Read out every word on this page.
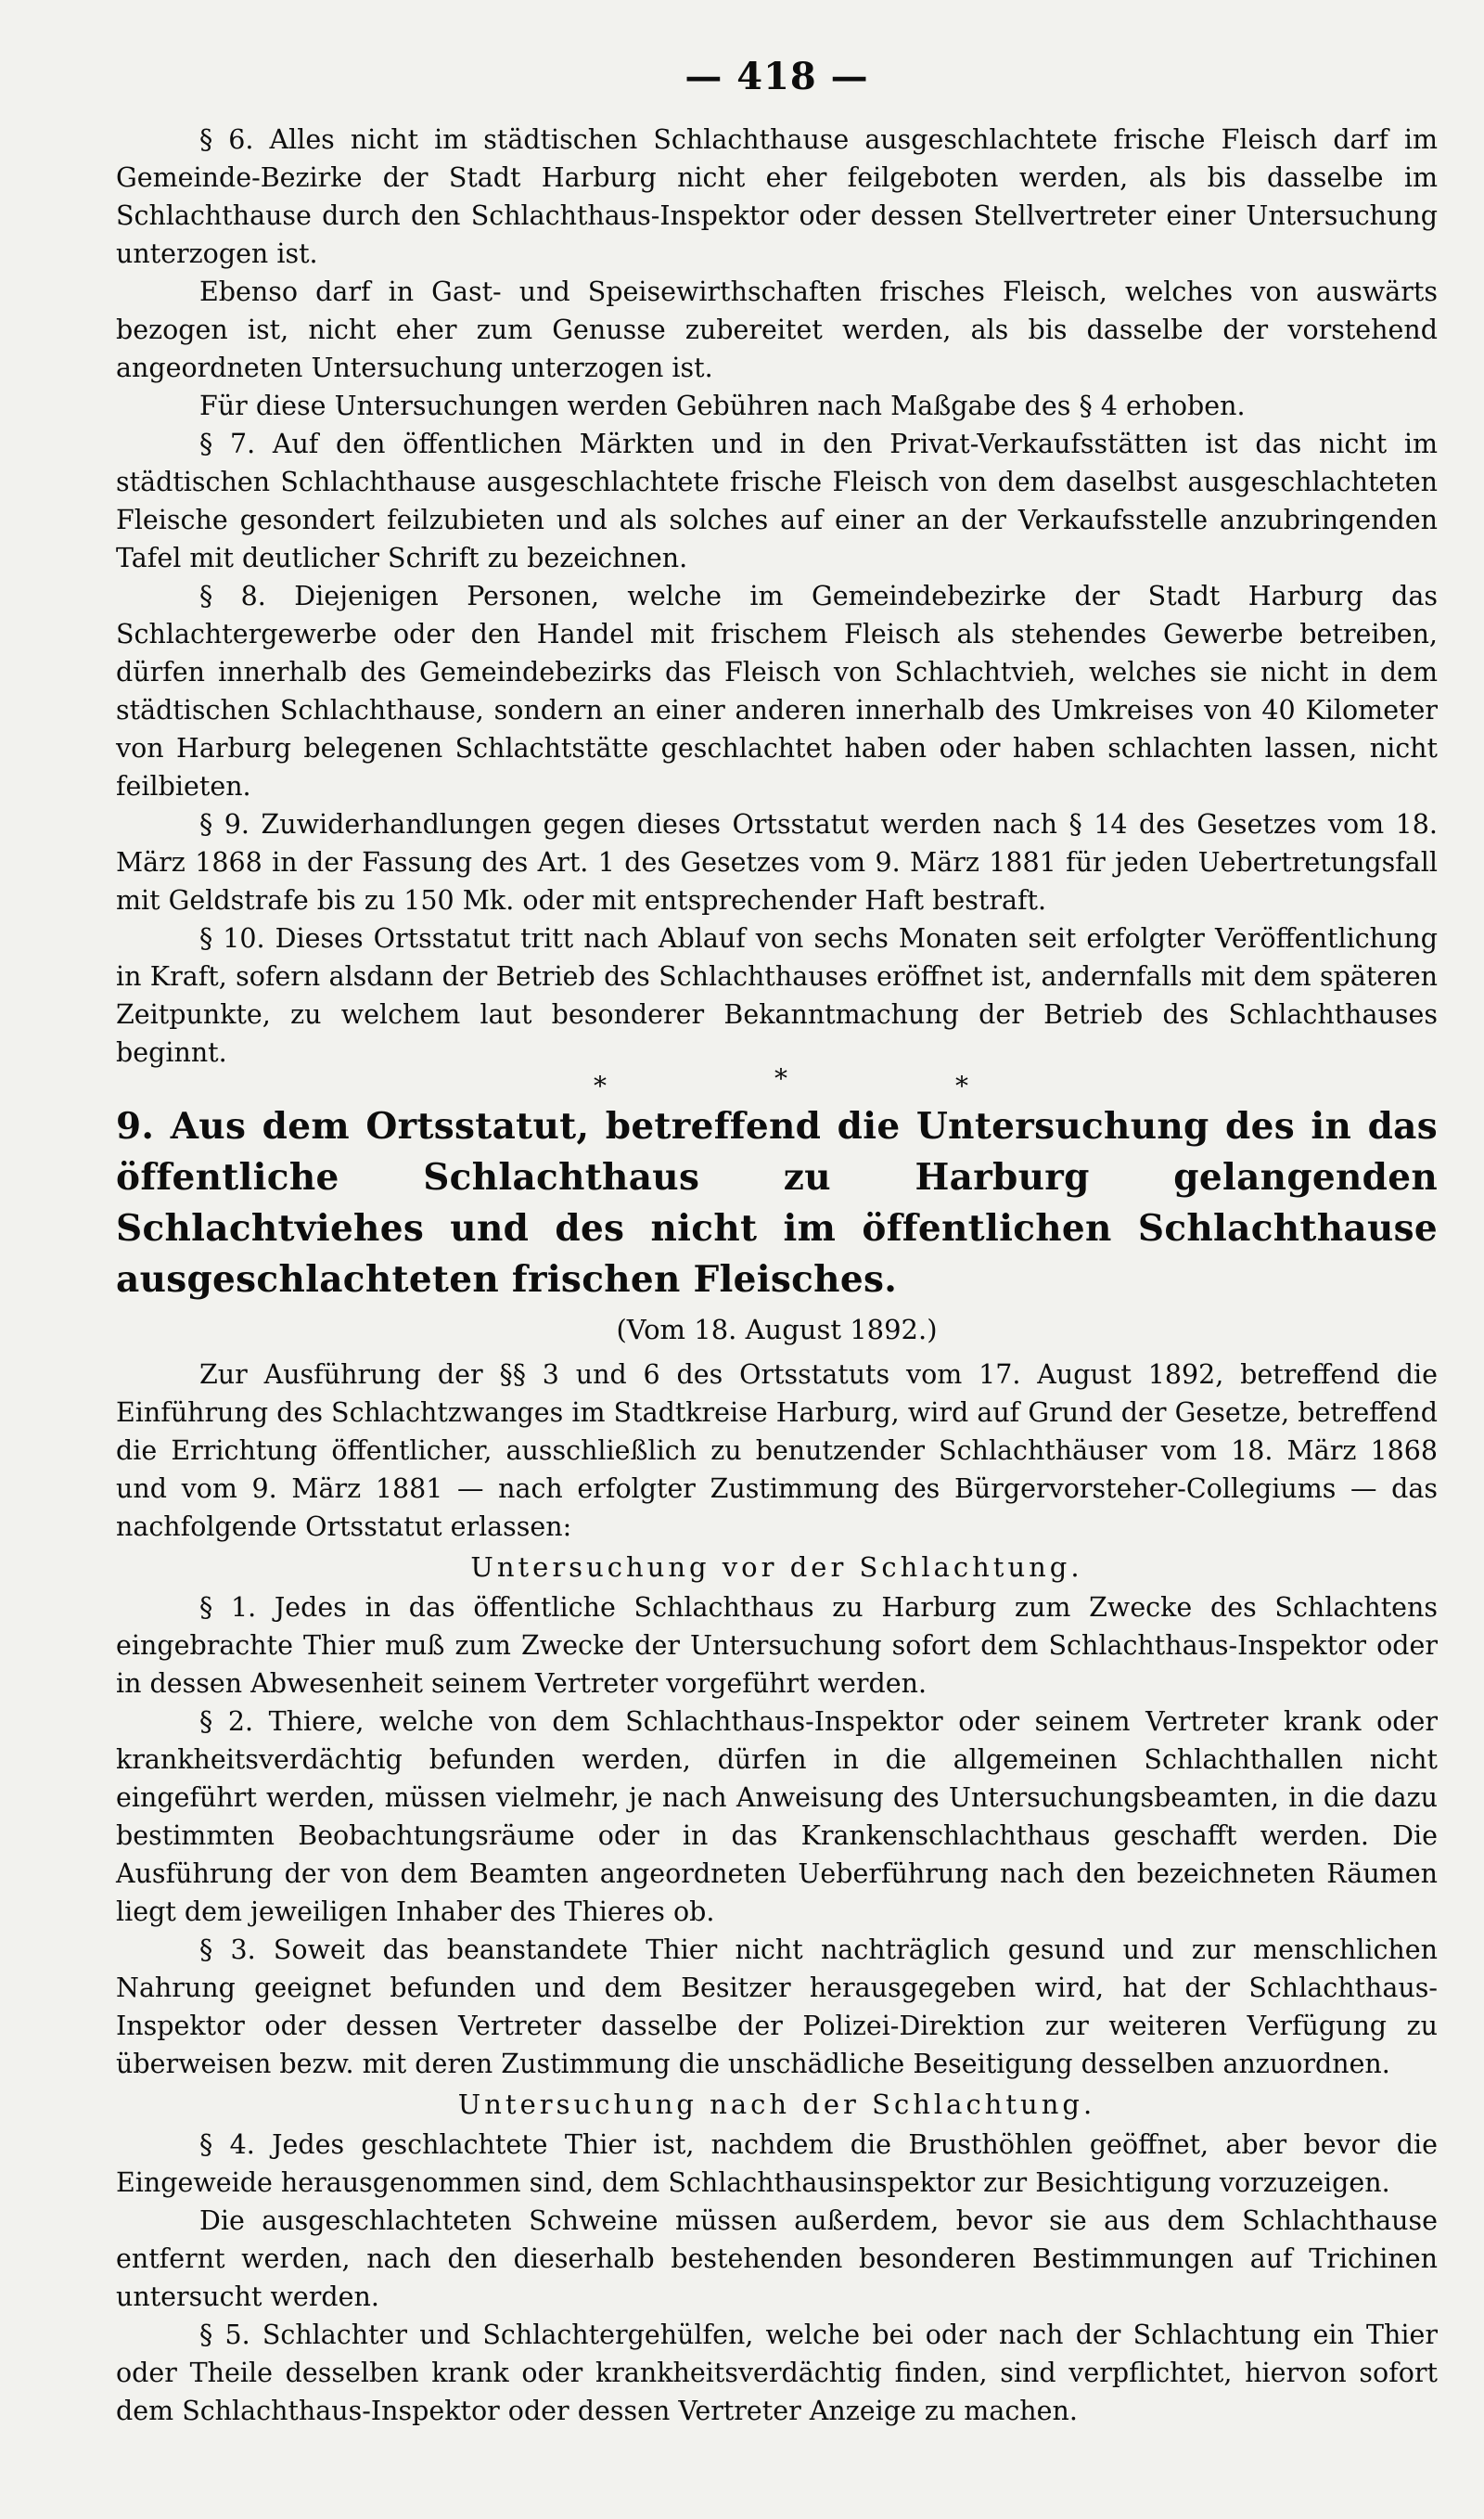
— 418 —

§ 6. Alles nicht im städtischen Schlachthause ausgeschlachtete frische Fleisch darf im Gemeinde-Bezirke der Stadt Harburg nicht eher feilgeboten werden, als bis dasselbe im Schlachthause durch den Schlachthaus-Inspektor oder dessen Stellvertreter einer Untersuchung unterzogen ist.

Ebenso darf in Gast- und Speisewirthschaften frisches Fleisch, welches von auswärts bezogen ist, nicht eher zum Genusse zubereitet werden, als bis dasselbe der vorstehend angeordneten Untersuchung unterzogen ist.

Für diese Untersuchungen werden Gebühren nach Maßgabe des § 4 erhoben.

§ 7. Auf den öffentlichen Märkten und in den Privat-Verkaufsstätten ist das nicht im städtischen Schlachthause ausgeschlachtete frische Fleisch von dem daselbst ausgeschlachteten Fleische gesondert feilzubieten und als solches auf einer an der Verkaufsstelle anzubringenden Tafel mit deutlicher Schrift zu bezeichnen.

§ 8. Diejenigen Personen, welche im Gemeindebezirke der Stadt Harburg das Schlachtergewerbe oder den Handel mit frischem Fleisch als stehendes Gewerbe betreiben, dürfen innerhalb des Gemeindebezirks das Fleisch von Schlachtvieh, welches sie nicht in dem städtischen Schlachthause, sondern an einer anderen innerhalb des Umkreises von 40 Kilometer von Harburg belegenen Schlachtstätte geschlachtet haben oder haben schlachten lassen, nicht feilbieten.

§ 9. Zuwiderhandlungen gegen dieses Ortsstatut werden nach § 14 des Gesetzes vom 18. März 1868 in der Fassung des Art. 1 des Gesetzes vom 9. März 1881 für jeden Uebertretungsfall mit Geldstrafe bis zu 150 Mk. oder mit entsprechender Haft bestraft.

§ 10. Dieses Ortsstatut tritt nach Ablauf von sechs Monaten seit erfolgter Veröffentlichung in Kraft, sofern alsdann der Betrieb des Schlachthauses eröffnet ist, andernfalls mit dem späteren Zeitpunkte, zu welchem laut besonderer Bekanntmachung der Betrieb des Schlachthauses beginnt.

*	*	*
9. Aus dem Ortsstatut, betreffend die Untersuchung des in das öffentliche Schlachthaus zu Harburg gelangenden Schlachtviehes und des nicht im öffentlichen Schlachthause ausgeschlachteten frischen Fleisches.
(Vom 18. August 1892.)

Zur Ausführung der §§ 3 und 6 des Ortsstatuts vom 17. August 1892, betreffend die Einführung des Schlachtzwanges im Stadtkreise Harburg, wird auf Grund der Gesetze, betreffend die Errichtung öffentlicher, ausschließlich zu benutzender Schlachthäuser vom 18. März 1868 und vom 9. März 1881 — nach erfolgter Zustimmung des Bürgervorsteher-Collegiums — das nachfolgende Ortsstatut erlassen:

Untersuchung vor der Schlachtung.

§ 1. Jedes in das öffentliche Schlachthaus zu Harburg zum Zwecke des Schlachtens eingebrachte Thier muß zum Zwecke der Untersuchung sofort dem Schlachthaus-Inspektor oder in dessen Abwesenheit seinem Vertreter vorgeführt werden.

§ 2. Thiere, welche von dem Schlachthaus-Inspektor oder seinem Vertreter krank oder krankheitsverdächtig befunden werden, dürfen in die allgemeinen Schlachthallen nicht eingeführt werden, müssen vielmehr, je nach Anweisung des Untersuchungsbeamten, in die dazu bestimmten Beobachtungsräume oder in das Krankenschlachthaus geschafft werden. Die Ausführung der von dem Beamten angeordneten Ueberführung nach den bezeichneten Räumen liegt dem jeweiligen Inhaber des Thieres ob.

§ 3. Soweit das beanstandete Thier nicht nachträglich gesund und zur menschlichen Nahrung geeignet befunden und dem Besitzer herausgegeben wird, hat der Schlachthaus-Inspektor oder dessen Vertreter dasselbe der Polizei-Direktion zur weiteren Verfügung zu überweisen bezw. mit deren Zustimmung die unschädliche Beseitigung desselben anzuordnen.

Untersuchung nach der Schlachtung.

§ 4. Jedes geschlachtete Thier ist, nachdem die Brusthöhlen geöffnet, aber bevor die Eingeweide herausgenommen sind, dem Schlachthausinspektor zur Besichtigung vorzuzeigen.

Die ausgeschlachteten Schweine müssen außerdem, bevor sie aus dem Schlachthause entfernt werden, nach den dieserhalb bestehenden besonderen Bestimmungen auf Trichinen untersucht werden.

§ 5. Schlachter und Schlachtergehülfen, welche bei oder nach der Schlachtung ein Thier oder Theile desselben krank oder krankheitsverdächtig finden, sind verpflichtet, hiervon sofort dem Schlachthaus-Inspektor oder dessen Vertreter Anzeige zu machen.
